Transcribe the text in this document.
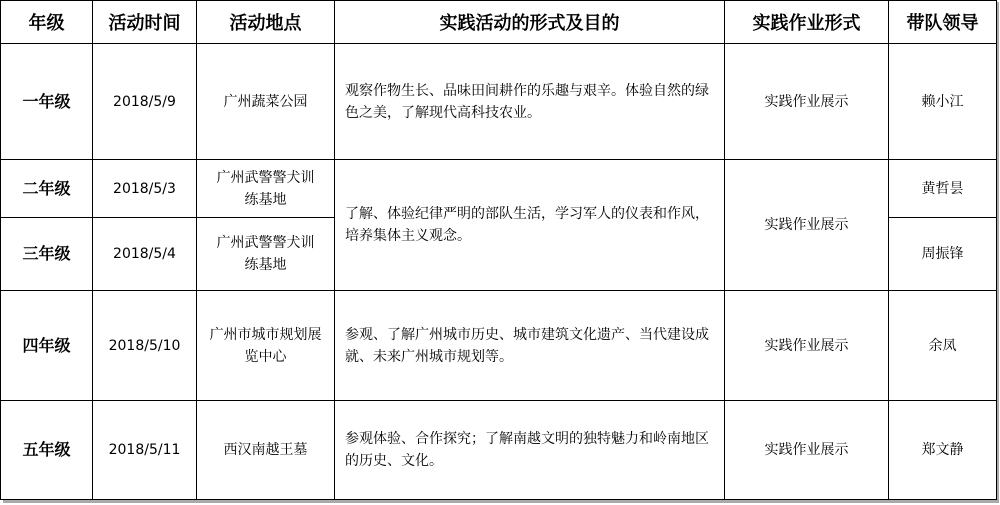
年级	活动时间	活动地点	实践活动的形式及目的	实践作业形式	带队领导
一年级	2018/5/9	广州蔬菜公园	观察作物生长、品味田间耕作的乐趣与艰辛。体验自然的绿色之美，了解现代高科技农业。	实践作业展示	赖小江
二年级	2018/5/3	广州武警警犬训练基地	了解、体验纪律严明的部队生活，学习军人的仪表和作风，培养集体主义观念。	实践作业展示	黄哲昙
三年级	2018/5/4	广州武警警犬训练基地			周振锋
四年级	2018/5/10	广州市城市规划展览中心	参观、了解广州城市历史、城市建筑文化遗产、当代建设成就、未来广州城市规划等。	实践作业展示	余凤
五年级	2018/5/11	西汉南越王墓	参观体验、合作探究；了解南越文明的独特魅力和岭南地区的历史、文化。	实践作业展示	郑文静
